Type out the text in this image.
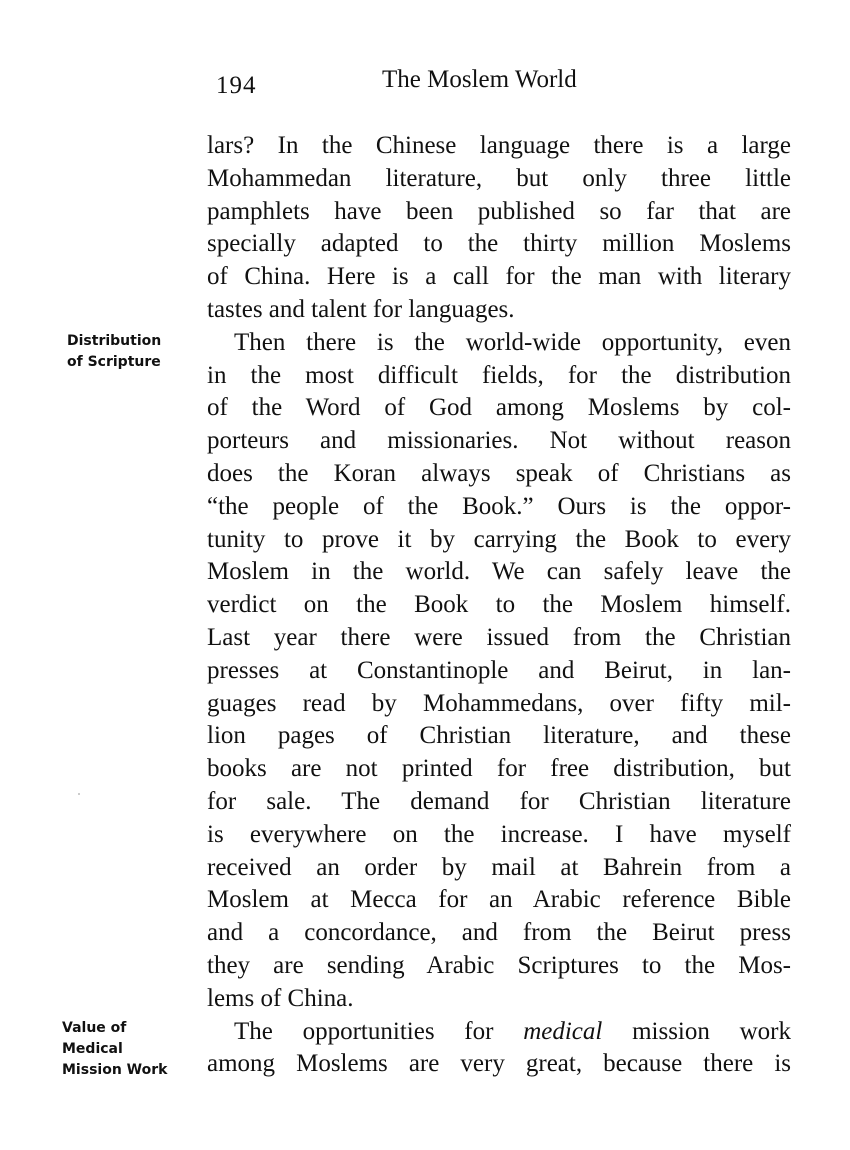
194	The Moslem World
Distribution
of Scripture
Value of
Medical
Mission Work
lars? In the Chinese language there is a large
Mohammedan literature, but only three little
pamphlets have been published so far that are
specially adapted to the thirty million Moslems
of China. Here is a call for the man with literary
tastes and talent for languages.
Then there is the world-wide opportunity, even
in the most difficult fields, for the distribution
of the Word of God among Moslems by col-
porteurs and missionaries. Not without reason
does the Koran always speak of Christians as
“the people of the Book.” Ours is the oppor-
tunity to prove it by carrying the Book to every
Moslem in the world. We can safely leave the
verdict on the Book to the Moslem himself.
Last year there were issued from the Christian
presses at Constantinople and Beirut, in lan-
guages read by Mohammedans, over fifty mil-
lion pages of Christian literature, and these
books are not printed for free distribution, but
for sale. The demand for Christian literature
is everywhere on the increase. I have myself
received an order by mail at Bahrein from a
Moslem at Mecca for an Arabic reference Bible
and a concordance, and from the Beirut press
they are sending Arabic Scriptures to the Mos-
lems of China.
The opportunities for medical mission work
among Moslems are very great, because there is
